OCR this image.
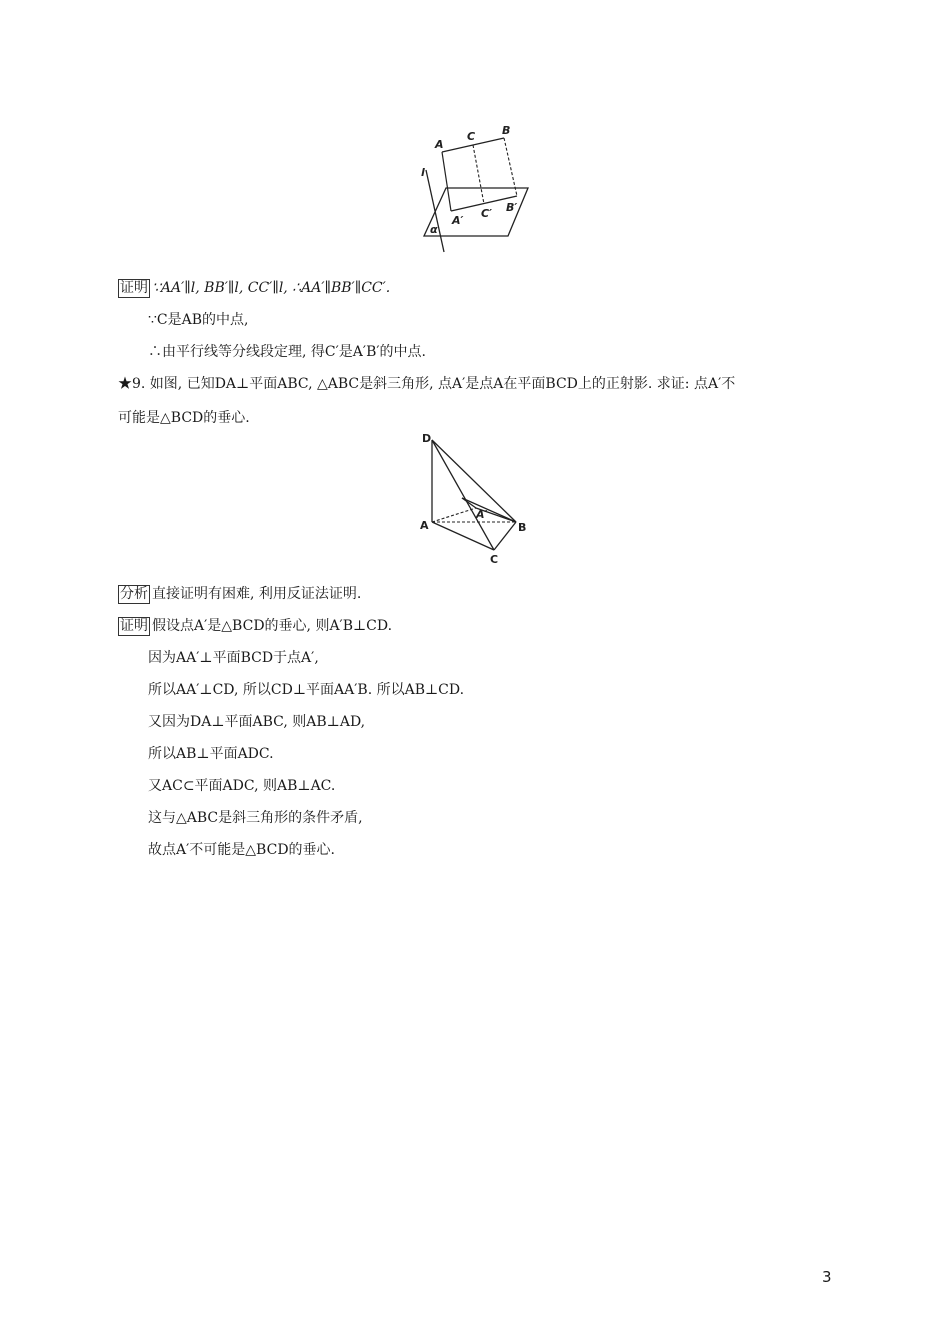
A
C B
l
A′
C′ B′
α
证明 ∵AA′∥l, BB′∥l, CC′∥l, ∴AA′∥BB′∥CC′.
∵C是AB的中点,
∴由平行线等分线段定理, 得C′是A′B′的中点.
★9. 如图, 已知DA⊥平面ABC, △ABC是斜三角形, 点A′是点A在平面BCD上的正射影. 求证: 点A′不
可能是△BCD的垂心.
D
A
A′
B
C
分析 直接证明有困难, 利用反证法证明.
证明 假设点A′是△BCD的垂心, 则A′B⊥CD.
因为AA′⊥平面BCD于点A′,
所以AA′⊥CD, 所以CD⊥平面AA′B. 所以AB⊥CD.
又因为DA⊥平面ABC, 则AB⊥AD,
所以AB⊥平面ADC.
又AC⊂平面ADC, 则AB⊥AC.
这与△ABC是斜三角形的条件矛盾,
故点A′不可能是△BCD的垂心.
3
